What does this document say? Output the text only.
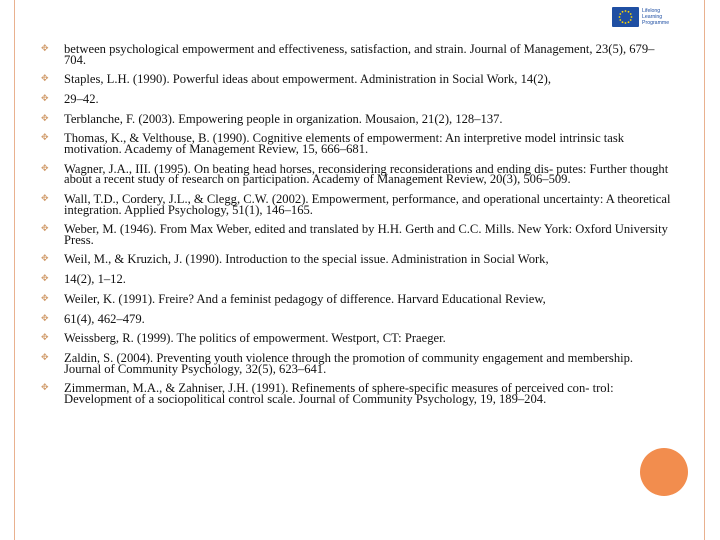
Lifelong
Learning
Programme
✥ between psychological empowerment and effectiveness, satisfaction, and strain. Journal of Management, 23(5), 679–704.
✥ Staples, L.H. (1990). Powerful ideas about empowerment. Administration in Social Work, 14(2),
✥ 29–42.
✥ Terblanche, F. (2003). Empowering people in organization. Mousaion, 21(2), 128–137.
✥ Thomas, K., & Velthouse, B. (1990). Cognitive elements of empowerment: An interpretive model intrinsic task motivation. Academy of Management Review, 15, 666–681.
✥ Wagner, J.A., III. (1995). On beating head horses, reconsidering reconsiderations and ending dis- putes: Further thought about a recent study of research on participation. Academy of Management Review, 20(3), 506–509.
✥ Wall, T.D., Cordery, J.L., & Clegg, C.W. (2002). Empowerment, performance, and operational uncertainty: A theoretical integration. Applied Psychology, 51(1), 146–165.
✥ Weber, M. (1946). From Max Weber, edited and translated by H.H. Gerth and C.C. Mills. New York: Oxford University Press.
✥ Weil, M., & Kruzich, J. (1990). Introduction to the special issue. Administration in Social Work,
✥ 14(2), 1–12.
✥ Weiler, K. (1991). Freire? And a feminist pedagogy of difference. Harvard Educational Review,
✥ 61(4), 462–479.
✥ Weissberg, R. (1999). The politics of empowerment. Westport, CT: Praeger.
✥ Zaldin, S. (2004). Preventing youth violence through the promotion of community engagement and membership. Journal of Community Psychology, 32(5), 623–641.
✥ Zimmerman, M.A., & Zahniser, J.H. (1991). Refinements of sphere-specific measures of perceived con- trol: Development of a sociopolitical control scale. Journal of Community Psychology, 19, 189–204.
